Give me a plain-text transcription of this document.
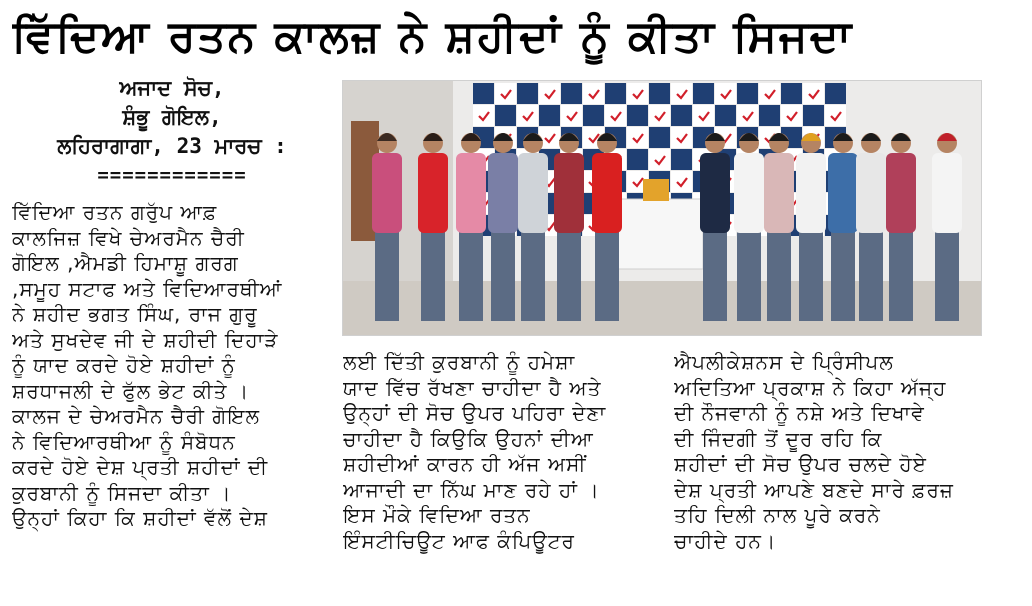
ਵਿੱਦਿਆ ਰਤਨ ਕਾਲਜ਼ ਨੇ ਸ਼ਹੀਦਾਂ ਨੂੰ ਕੀਤਾ ਸਿਜਦਾ
ਅਜਾਦ ਸੋਚ,
ਸ਼ੰਭੂ ਗੋਇਲ,
ਲਹਿਰਾਗਾਗਾ, 23 ਮਾਰਚ :
============

ਵਿੱਦਿਆ ਰਤਨ ਗਰੁੱਪ ਆਫ਼

ਕਾਲਜਿਜ਼ ਵਿਖੇ ਚੇਅਰਮੈਨ ਚੈਰੀ

ਗੋਇਲ ,ਐਮਡੀ ਹਿਮਾਸ਼ੂ ਗਰਗ

,ਸਮੂਹ ਸਟਾਫ ਅਤੇ ਵਿਦਿਆਰਥੀਆਂ

ਨੇ ਸ਼ਹੀਦ ਭਗਤ ਸਿੰਘ, ਰਾਜ ਗੁਰੂ

ਅਤੇ ਸੁਖਦੇਵ ਜੀ ਦੇ ਸ਼ਹੀਦੀ ਦਿਹਾੜੇ

ਨੂੰ ਯਾਦ ਕਰਦੇ ਹੋਏ ਸ਼ਹੀਦਾਂ ਨੂੰ

ਸ਼ਰਧਾਜਲੀ ਦੇ ਫੁੱਲ ਭੇਟ ਕੀਤੇ ।

ਕਾਲਜ ਦੇ ਚੇਅਰਮੈਨ ਚੈਰੀ ਗੋਇਲ

ਨੇ ਵਿਦਿਆਰਥੀਆ ਨੂੰ ਸੰਬੋਧਨ

ਕਰਦੇ ਹੋਏ ਦੇਸ਼ ਪ੍ਰਤੀ ਸ਼ਹੀਦਾਂ ਦੀ

ਕੁਰਬਾਨੀ ਨੂੰ ਸਿਜਦਾ ਕੀਤਾ ।

ਉਨ੍ਹਾਂ ਕਿਹਾ ਕਿ ਸ਼ਹੀਦਾਂ ਵੱਲੋਂ ਦੇਸ਼

ਲਈ ਦਿੱਤੀ ਕੁਰਬਾਨੀ ਨੂੰ ਹਮੇਸ਼ਾ

ਯਾਦ ਵਿੱਚ ਰੱਖਣਾ ਚਾਹੀਦਾ ਹੈ ਅਤੇ

ਉਨ੍ਹਾਂ ਦੀ ਸੋਚ ਉਪਰ ਪਹਿਰਾ ਦੇਣਾ

ਚਾਹੀਦਾ ਹੈ ਕਿਉਕਿ ਉਹਨਾਂ ਦੀਆ

ਸ਼ਹੀਦੀਆਂ ਕਾਰਨ ਹੀ ਅੱਜ ਅਸੀਂ

ਆਜਾਦੀ ਦਾ ਨਿੱਘ ਮਾਣ ਰਹੇ ਹਾਂ ।

ਇਸ ਮੌਕੇ ਵਿਦਿਆ ਰਤਨ

ਇੰਸਟੀਚਿਊਟ ਆਫ ਕੰਪਿਊਟਰ

ਐਪਲੀਕੇਸ਼ਨਸ ਦੇ ਪ੍ਰਿੰਸੀਪਲ

ਅਦਿਤਿਆ ਪ੍ਰਕਾਸ਼ ਨੇ ਕਿਹਾ ਅੱਜ੍ਹ

ਦੀ ਨੌਜਵਾਨੀ ਨੂੰ ਨਸ਼ੇ ਅਤੇ ਦਿਖਾਵੇ

ਦੀ ਜਿੰਦਗੀ ਤੋਂ ਦੂਰ ਰਹਿ ਕਿ

ਸ਼ਹੀਦਾਂ ਦੀ ਸੋਚ ਉਪਰ ਚਲਦੇ ਹੋਏ

ਦੇਸ਼ ਪ੍ਰਤੀ ਆਪਣੇ ਬਣਦੇ ਸਾਰੇ ਫ਼ਰਜ਼

ਤਹਿ ਦਿਲੀ ਨਾਲ ਪੂਰੇ ਕਰਨੇ

ਚਾਹੀਦੇ ਹਨ।
